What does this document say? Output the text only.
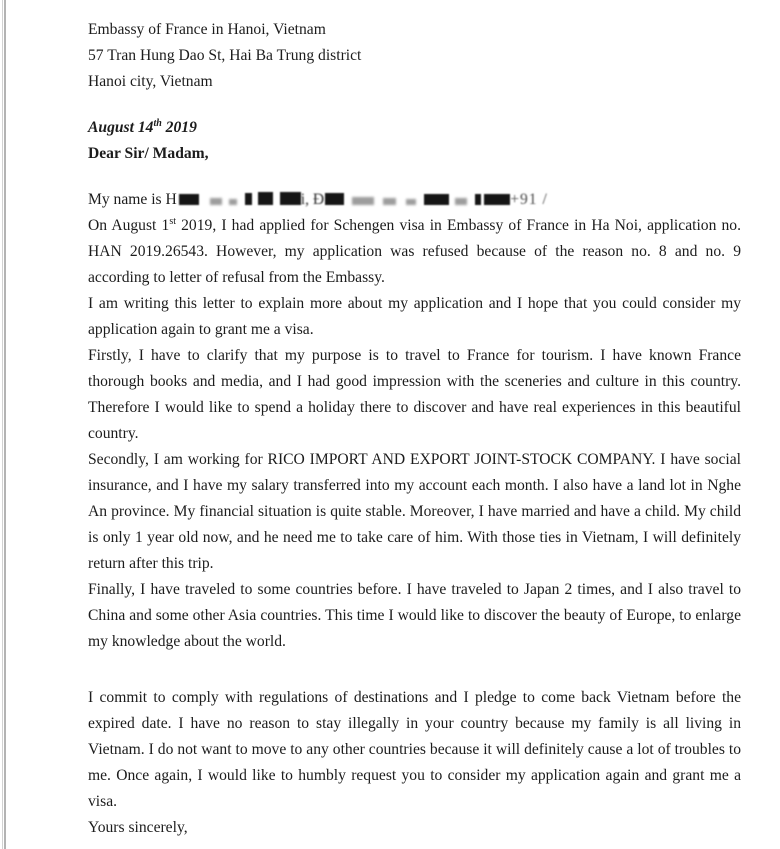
Embassy of France in Hanoi, Vietnam
57 Tran Hung Dao St, Hai Ba Trung district
Hanoi city, Vietnam
August 14th 2019
Dear Sir/ Madam,
My name is H	i, Đ	+91 /

On August 1st 2019, I had applied for Schengen visa in Embassy of France in Ha Noi, application no. HAN 2019.26543. However, my application was refused because of the reason no. 8 and no. 9 according to letter of refusal from the Embassy.

I am writing this letter to explain more about my application and I hope that you could consider my application again to grant me a visa.

Firstly, I have to clarify that my purpose is to travel to France for tourism. I have known France thorough books and media, and I had good impression with the sceneries and culture in this country. Therefore I would like to spend a holiday there to discover and have real experiences in this beautiful country.

Secondly, I am working for RICO IMPORT AND EXPORT JOINT-STOCK COMPANY. I have social insurance, and I have my salary transferred into my account each month. I also have a land lot in Nghe An province. My financial situation is quite stable. Moreover, I have married and have a child. My child is only 1 year old now, and he need me to take care of him. With those ties in Vietnam, I will definitely return after this trip.

Finally, I have traveled to some countries before. I have traveled to Japan 2 times, and I also travel to China and some other Asia countries. This time I would like to discover the beauty of Europe, to enlarge my knowledge about the world.

I commit to comply with regulations of destinations and I pledge to come back Vietnam before the expired date. I have no reason to stay illegally in your country because my family is all living in Vietnam. I do not want to move to any other countries because it will definitely cause a lot of troubles to me. Once again, I would like to humbly request you to consider my application again and grant me a visa.

Yours sincerely,
